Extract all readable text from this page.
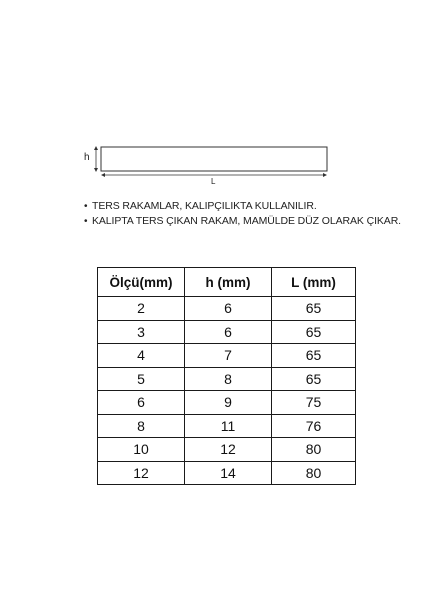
h
L
• TERS RAKAMLAR, KALIPÇILIKTA KULLANILIR.
• KALIPTA TERS ÇIKAN RAKAM, MAMÜLDE DÜZ OLARAK ÇIKAR.
Ölçü(mm)	h (mm)	L (mm)
2	6	65
3	6	65
4	7	65
5	8	65
6	9	75
8	11	76
10	12	80
12	14	80
